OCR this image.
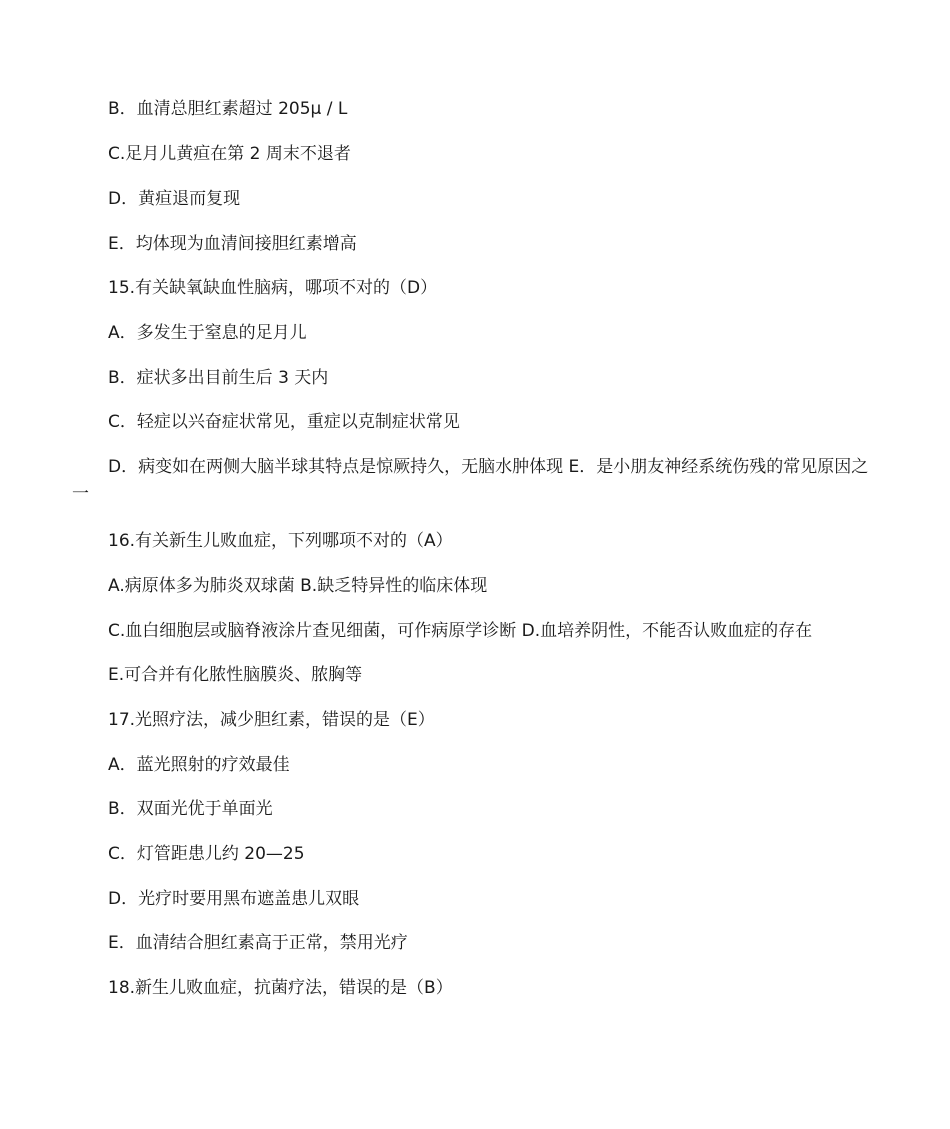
B．血清总胆红素超过 205μ / L

C.足月儿黄疸在第 2 周末不退者

D．黄疸退而复现

E．均体现为血清间接胆红素增高

15.有关缺氧缺血性脑病，哪项不对的（D）

A．多发生于窒息的足月儿

B．症状多出目前生后 3 天内

C．轻症以兴奋症状常见，重症以克制症状常见

D．病变如在两侧大脑半球其特点是惊厥持久，无脑水肿体现 E．是小朋友神经系统伤残的常见原因之一

16.有关新生儿败血症，下列哪项不对的（A）

A.病原体多为肺炎双球菌 B.缺乏特异性的临床体现

C.血白细胞层或脑脊液涂片查见细菌，可作病原学诊断 D.血培养阴性，不能否认败血症的存在

E.可合并有化脓性脑膜炎、脓胸等

17.光照疗法，减少胆红素，错误的是（E）

A．蓝光照射的疗效最佳

B．双面光优于单面光

C．灯管距患儿约 20—25

D．光疗时要用黑布遮盖患儿双眼

E．血清结合胆红素高于正常，禁用光疗

18.新生儿败血症，抗菌疗法，错误的是（B）
